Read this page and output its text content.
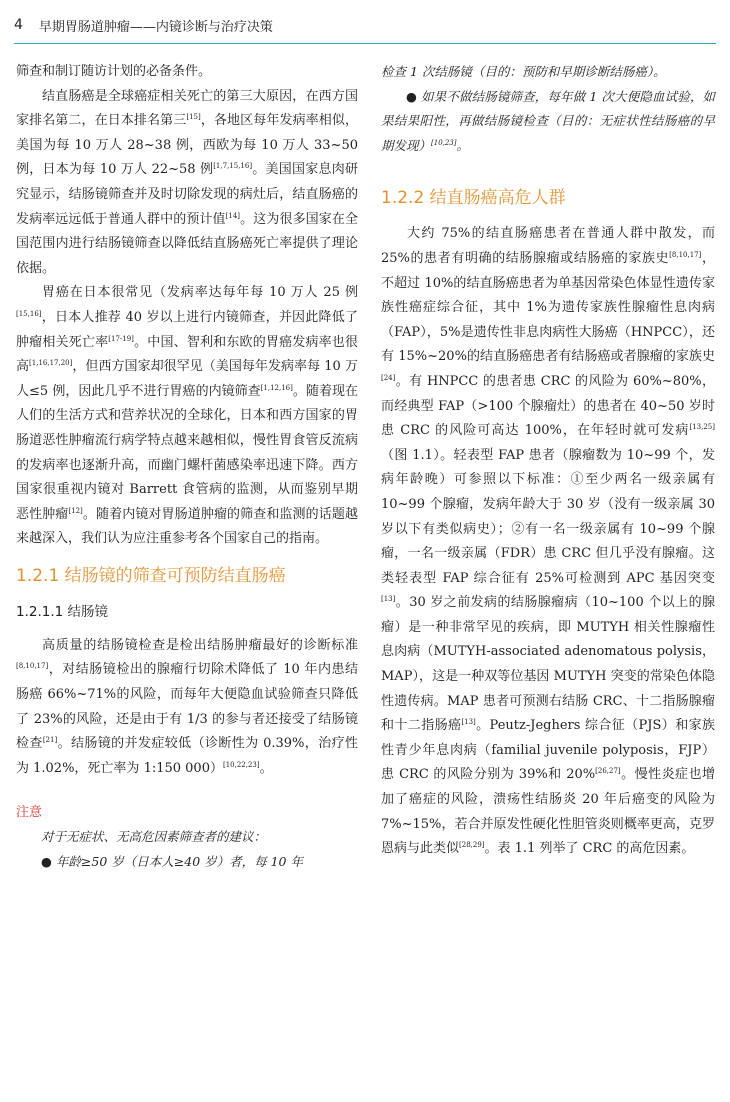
4 早期胃肠道肿瘤——内镜诊断与治疗决策

筛查和制订随访计划的必备条件。

结直肠癌是全球癌症相关死亡的第三大原因，在西方国家排名第二，在日本排名第三[15]，各地区每年发病率相似，美国为每 10 万人 28~38 例，西欧为每 10 万人 33~50 例，日本为每 10 万人 22~58 例[1,7,15,16]。美国国家息肉研究显示，结肠镜筛查并及时切除发现的病灶后，结直肠癌的发病率远远低于普通人群中的预计值[14]。这为很多国家在全国范围内进行结肠镜筛查以降低结直肠癌死亡率提供了理论依据。

胃癌在日本很常见（发病率达每年每 10 万人 25 例[15,16]，日本人推荐 40 岁以上进行内镜筛查，并因此降低了肿瘤相关死亡率[17-19]。中国、智利和东欧的胃癌发病率也很高[1,16,17,20]，但西方国家却很罕见（美国每年发病率每 10 万人≤5 例，因此几乎不进行胃癌的内镜筛查[1,12,16]。随着现在人们的生活方式和营养状况的全球化，日本和西方国家的胃肠道恶性肿瘤流行病学特点越来越相似，慢性胃食管反流病的发病率也逐渐升高，而幽门螺杆菌感染率迅速下降。西方国家很重视内镜对 Barrett 食管病的监测，从而鉴别早期恶性肿瘤[12]。随着内镜对胃肠道肿瘤的筛查和监测的话题越来越深入，我们认为应注重参考各个国家自己的指南。

1.2.1 结肠镜的筛查可预防结直肠癌
1.2.1.1 结肠镜

高质量的结肠镜检查是检出结肠肿瘤最好的诊断标准[8,10,17]，对结肠镜检出的腺瘤行切除术降低了 10 年内患结肠癌 66%~71%的风险，而每年大便隐血试验筛查只降低了 23%的风险，还是由于有 1/3 的参与者还接受了结肠镜检查[21]。结肠镜的并发症较低（诊断性为 0.39%，治疗性为 1.02%，死亡率为 1:150 000）[10,22,23]。

注意

对于无症状、无高危因素筛查者的建议：

● 年龄≥50 岁（日本人≥40 岁）者，每 10 年

检查 1 次结肠镜（目的：预防和早期诊断结肠癌）。

● 如果不做结肠镜筛查，每年做 1 次大便隐血试验，如果结果阳性，再做结肠镜检查（目的：无症状性结肠癌的早期发现）[10,23]。

1.2.2 结直肠癌高危人群

大约 75%的结直肠癌患者在普通人群中散发，而 25%的患者有明确的结肠腺瘤或结肠癌的家族史[8,10,17]，不超过 10%的结直肠癌患者为单基因常染色体显性遗传家族性癌症综合征，其中 1%为遗传家族性腺瘤性息肉病（FAP），5%是遗传性非息肉病性大肠癌（HNPCC），还有 15%~20%的结直肠癌患者有结肠癌或者腺瘤的家族史[24]。有 HNPCC 的患者患 CRC 的风险为 60%~80%，而经典型 FAP（>100 个腺瘤灶）的患者在 40~50 岁时患 CRC 的风险可高达 100%，在年轻时就可发病[13,25]（图 1.1）。轻表型 FAP 患者（腺瘤数为 10~99 个，发病年龄晚）可参照以下标准：①至少两名一级亲属有 10~99 个腺瘤，发病年龄大于 30 岁（没有一级亲属 30 岁以下有类似病史）；②有一名一级亲属有 10~99 个腺瘤，一名一级亲属（FDR）患 CRC 但几乎没有腺瘤。这类轻表型 FAP 综合征有 25%可检测到 APC 基因突变[13]。30 岁之前发病的结肠腺瘤病（10~100 个以上的腺瘤）是一种非常罕见的疾病，即 MUTYH 相关性腺瘤性息肉病（MUTYH-associated adenomatous polysis，MAP），这是一种双等位基因 MUTYH 突变的常染色体隐性遗传病。MAP 患者可预测右结肠 CRC、十二指肠腺瘤和十二指肠癌[13]。Peutz-Jeghers 综合征（PJS）和家族性青少年息肉病（familial juvenile polyposis，FJP）患 CRC 的风险分别为 39%和 20%[26,27]。慢性炎症也增加了癌症的风险，溃疡性结肠炎 20 年后癌变的风险为 7%~15%，若合并原发性硬化性胆管炎则概率更高，克罗恩病与此类似[28,29]。表 1.1 列举了 CRC 的高危因素。
